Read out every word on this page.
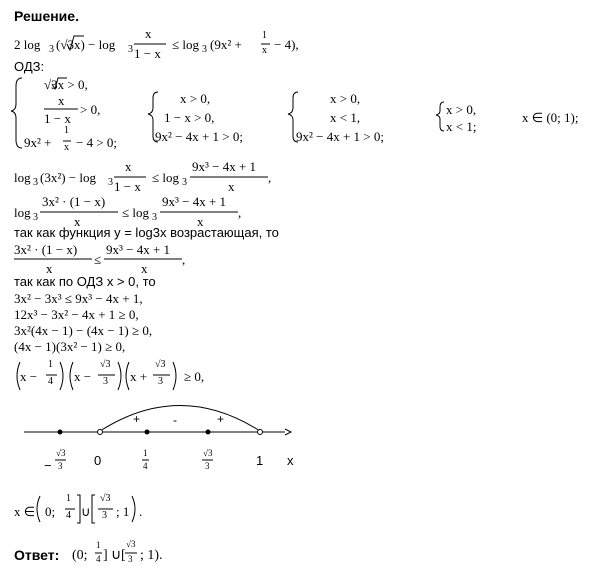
Решение.
2 log 3 (√3x) − log 3
x
1 − x
≤ log 3 (9x² +
1
x − 4),
ОДЗ:
√3x > 0,
x
1 − x
> 0,
9x² +
1
x − 4 > 0;
x > 0,
1 − x > 0,
9x² − 4x + 1 > 0;
x > 0,
x < 1,
9x² − 4x + 1 > 0;
x > 0,
x < 1;
x ∈ (0; 1);
log 3 (3x²) − log 3
x
1 − x
≤ log 3
9x³ − 4x + 1
x
,
log 3
3x² · (1 − x)
x
≤ log 3
9x³ − 4x + 1
x
,
так как функция у = log3x возрастающая, то
3x² · (1 − x)
x
≤
9x³ − 4x + 1
x
,
так как по ОДЗ х > 0, то
3x² − 3x³ ≤ 9x³ − 4x + 1,
12x³ − 3x² − 4x + 1 ≥ 0,
3x²(4x − 1) − (4x − 1) ≥ 0,
(4x − 1)(3x² − 1) ≥ 0,
x −
1
4 x −
√3
3 x +
√3
3 ≥ 0,
+	-	+
−
√3
3 0	1
4
√3
3	1 x
x ∈ 0;
1
4 ∪
√3
3 ; 1 .
Ответ: (0;
1
4 ] ∪ [
√3
3 ; 1).
